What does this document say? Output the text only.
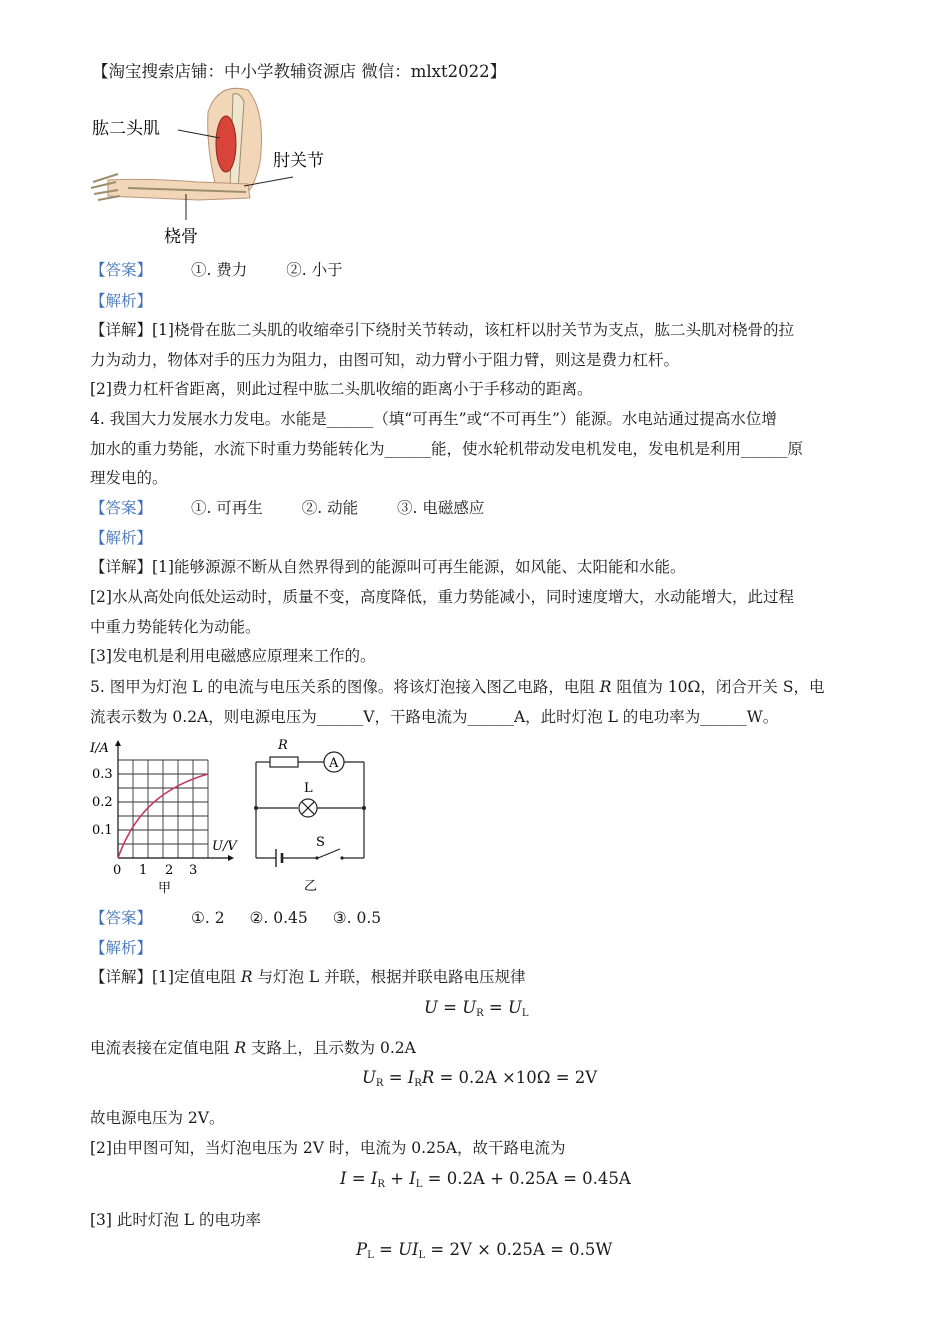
【淘宝搜索店铺：中小学教辅资源店 微信：mlxt2022】
肱二头肌
肘关节
桡骨
【答案】	①. 费力	②. 小于
【解析】
【详解】[1]桡骨在肱二头肌的收缩牵引下绕肘关节转动，该杠杆以肘关节为支点，肱二头肌对桡骨的拉
力为动力，物体对手的压力为阻力，由图可知，动力臂小于阻力臂，则这是费力杠杆。
[2]费力杠杆省距离，则此过程中肱二头肌收缩的距离小于手移动的距离。
4. 我国大力发展水力发电。水能是______（填“可再生”或“不可再生”）能源。水电站通过提高水位增
加水的重力势能，水流下时重力势能转化为______能，使水轮机带动发电机发电，发电机是利用______原
理发电的。
【答案】	①. 可再生	②. 动能	③. 电磁感应
【解析】
【详解】[1]能够源源不断从自然界得到的能源叫可再生能源，如风能、太阳能和水能。
[2]水从高处向低处运动时，质量不变，高度降低，重力势能减小，同时速度增大，水动能增大，此过程
中重力势能转化为动能。
[3]发电机是利用电磁感应原理来工作的。
5. 图甲为灯泡 L 的电流与电压关系的图像。将该灯泡接入图乙电路，电阻 R 阻值为 10Ω，闭合开关 S，电
流表示数为 0.2A，则电源电压为______V，干路电流为______A，此时灯泡 L 的电功率为______W。
I/A
0.3
0.2
0.1
U/V
0 1 2 3
甲
R
A
L
S
乙
【答案】	①. 2 ②. 0.45 ③. 0.5
【解析】
【详解】[1]定值电阻 R 与灯泡 L 并联，根据并联电路电压规律
$U = U_R = U_L$
电流表接在定值电阻 R 支路上，且示数为 0.2A
$U_R = I_RR = 0.2A \times 10\Omega = 2V$
故电源电压为 2V。
[2]由甲图可知，当灯泡电压为 2V 时，电流为 0.25A，故干路电流为
$I = I_R + I_L = 0.2A + 0.25A = 0.45A$
[3] 此时灯泡 L 的电功率
$P_L = UI_L = 2V \times 0.25A = 0.5W$
